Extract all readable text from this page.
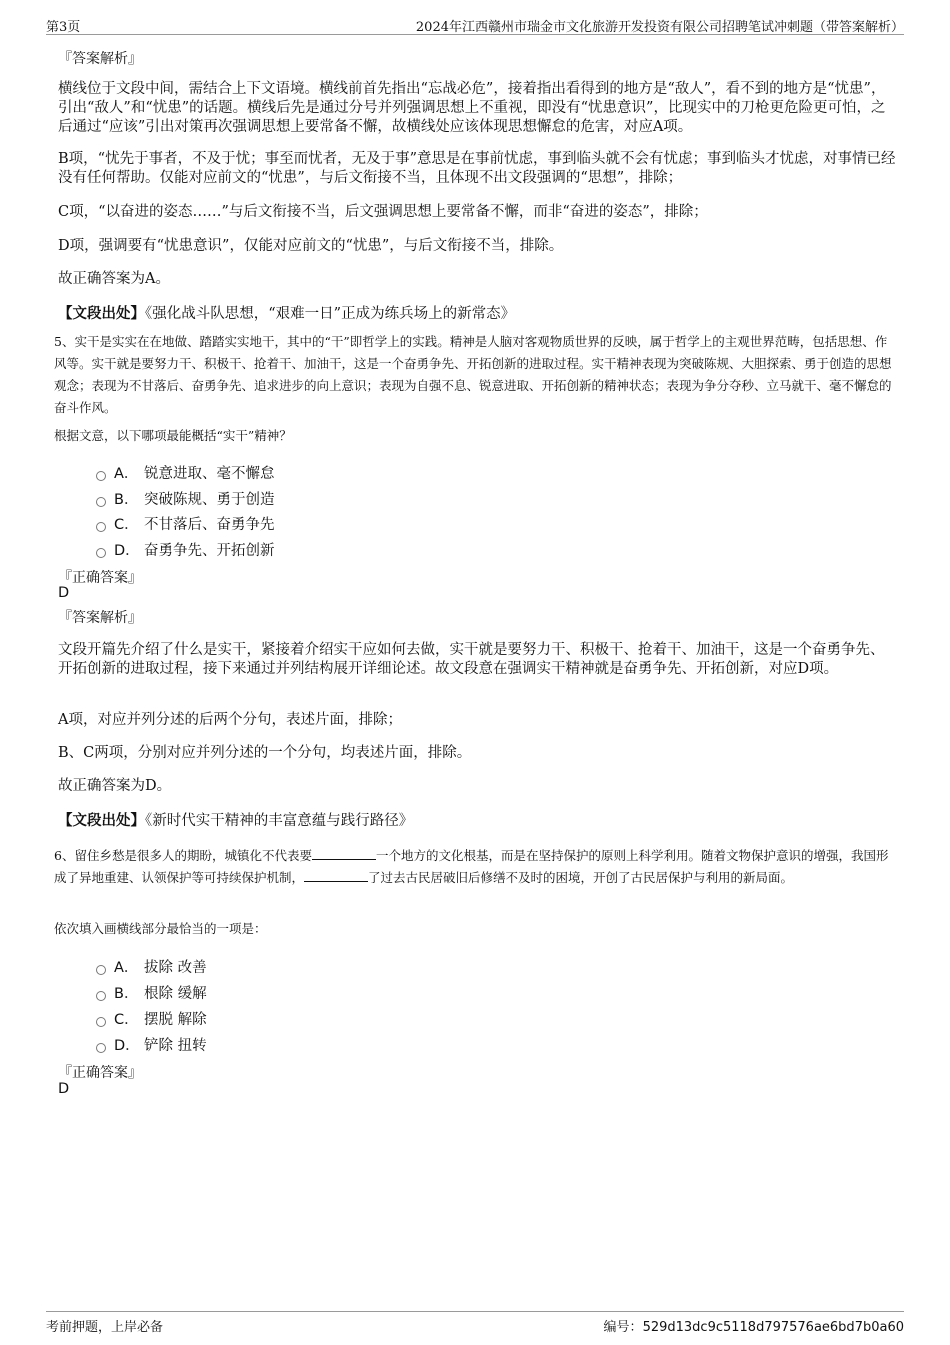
第3页	2024年江西赣州市瑞金市文化旅游开发投资有限公司招聘笔试冲刺题（带答案解析）

『答案解析』

横线位于文段中间，需结合上下文语境。横线前首先指出“忘战必危”，接着指出看得到的地方是“敌人”，看不到的地方是“忧患”，引出“敌人”和“忧患”的话题。横线后先是通过分号并列强调思想上不重视，即没有“忧患意识”，比现实中的刀枪更危险更可怕，之后通过“应该”引出对策再次强调思想上要常备不懈，故横线处应该体现思想懈怠的危害，对应A项。

B项，“忧先于事者，不及于忧；事至而忧者，无及于事”意思是在事前忧虑，事到临头就不会有忧虑；事到临头才忧虑，对事情已经没有任何帮助。仅能对应前文的“忧患”，与后文衔接不当，且体现不出文段强调的“思想”，排除；

C项，“以奋进的姿态……”与后文衔接不当，后文强调思想上要常备不懈，而非“奋进的姿态”，排除；

D项，强调要有“忧患意识”，仅能对应前文的“忧患”，与后文衔接不当，排除。

故正确答案为A。

【文段出处】《强化战斗队思想，“艰难一日”正成为练兵场上的新常态》

5、实干是实实在在地做、踏踏实实地干，其中的“干”即哲学上的实践。精神是人脑对客观物质世界的反映，属于哲学上的主观世界范畴，包括思想、作风等。实干就是要努力干、积极干、抢着干、加油干，这是一个奋勇争先、开拓创新的进取过程。实干精神表现为突破陈规、大胆探索、勇于创造的思想观念；表现为不甘落后、奋勇争先、追求进步的向上意识；表现为自强不息、锐意进取、开拓创新的精神状态；表现为争分夺秒、立马就干、毫不懈怠的奋斗作风。

根据文意，以下哪项最能概括“实干”精神？

A． 锐意进取、毫不懈怠
B． 突破陈规、勇于创造
C． 不甘落后、奋勇争先
D． 奋勇争先、开拓创新

『正确答案』

D

『答案解析』

文段开篇先介绍了什么是实干，紧接着介绍实干应如何去做，实干就是要努力干、积极干、抢着干、加油干，这是一个奋勇争先、开拓创新的进取过程，接下来通过并列结构展开详细论述。故文段意在强调实干精神就是奋勇争先、开拓创新，对应D项。

A项，对应并列分述的后两个分句，表述片面，排除；

B、C两项，分别对应并列分述的一个分句，均表述片面，排除。

故正确答案为D。

【文段出处】《新时代实干精神的丰富意蕴与践行路径》

6、留住乡愁是很多人的期盼，城镇化不代表要	一个地方的文化根基，而是在坚持保护的原则上科学利用。随着文物保护意识的增强，我国形成了异地重建、认领保护等可持续保护机制，	了过去古民居破旧后修缮不及时的困境，开创了古民居保护与利用的新局面。

依次填入画横线部分最恰当的一项是：

A． 拔除 改善
B． 根除 缓解
C． 摆脱 解除
D． 铲除 扭转

『正确答案』

D

考前押题，上岸必备	编号：529d13dc9c5118d797576ae6bd7b0a60
